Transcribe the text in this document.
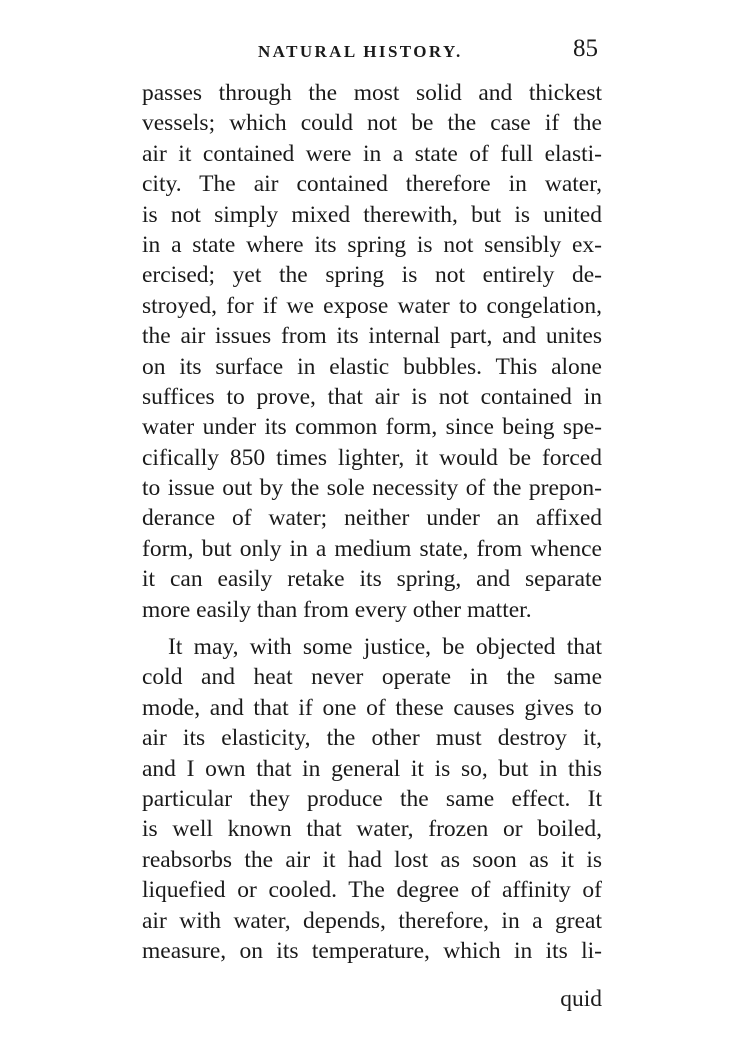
NATURAL HISTORY.	85
passes through the most solid and thickest
vessels; which could not be the case if the
air it contained were in a state of full elasti-
city. The air contained therefore in water,
is not simply mixed therewith, but is united
in a state where its spring is not sensibly ex-
ercised; yet the spring is not entirely de-
stroyed, for if we expose water to congelation,
the air issues from its internal part, and unites
on its surface in elastic bubbles. This alone
suffices to prove, that air is not contained in
water under its common form, since being spe-
cifically 850 times lighter, it would be forced
to issue out by the sole necessity of the prepon-
derance of water; neither under an affixed
form, but only in a medium state, from whence
it can easily retake its spring, and separate
more easily than from every other matter.
It may, with some justice, be objected that
cold and heat never operate in the same
mode, and that if one of these causes gives to
air its elasticity, the other must destroy it,
and I own that in general it is so, but in this
particular they produce the same effect. It
is well known that water, frozen or boiled,
reabsorbs the air it had lost as soon as it is
liquefied or cooled. The degree of affinity of
air with water, depends, therefore, in a great
measure, on its temperature, which in its li-
quid
